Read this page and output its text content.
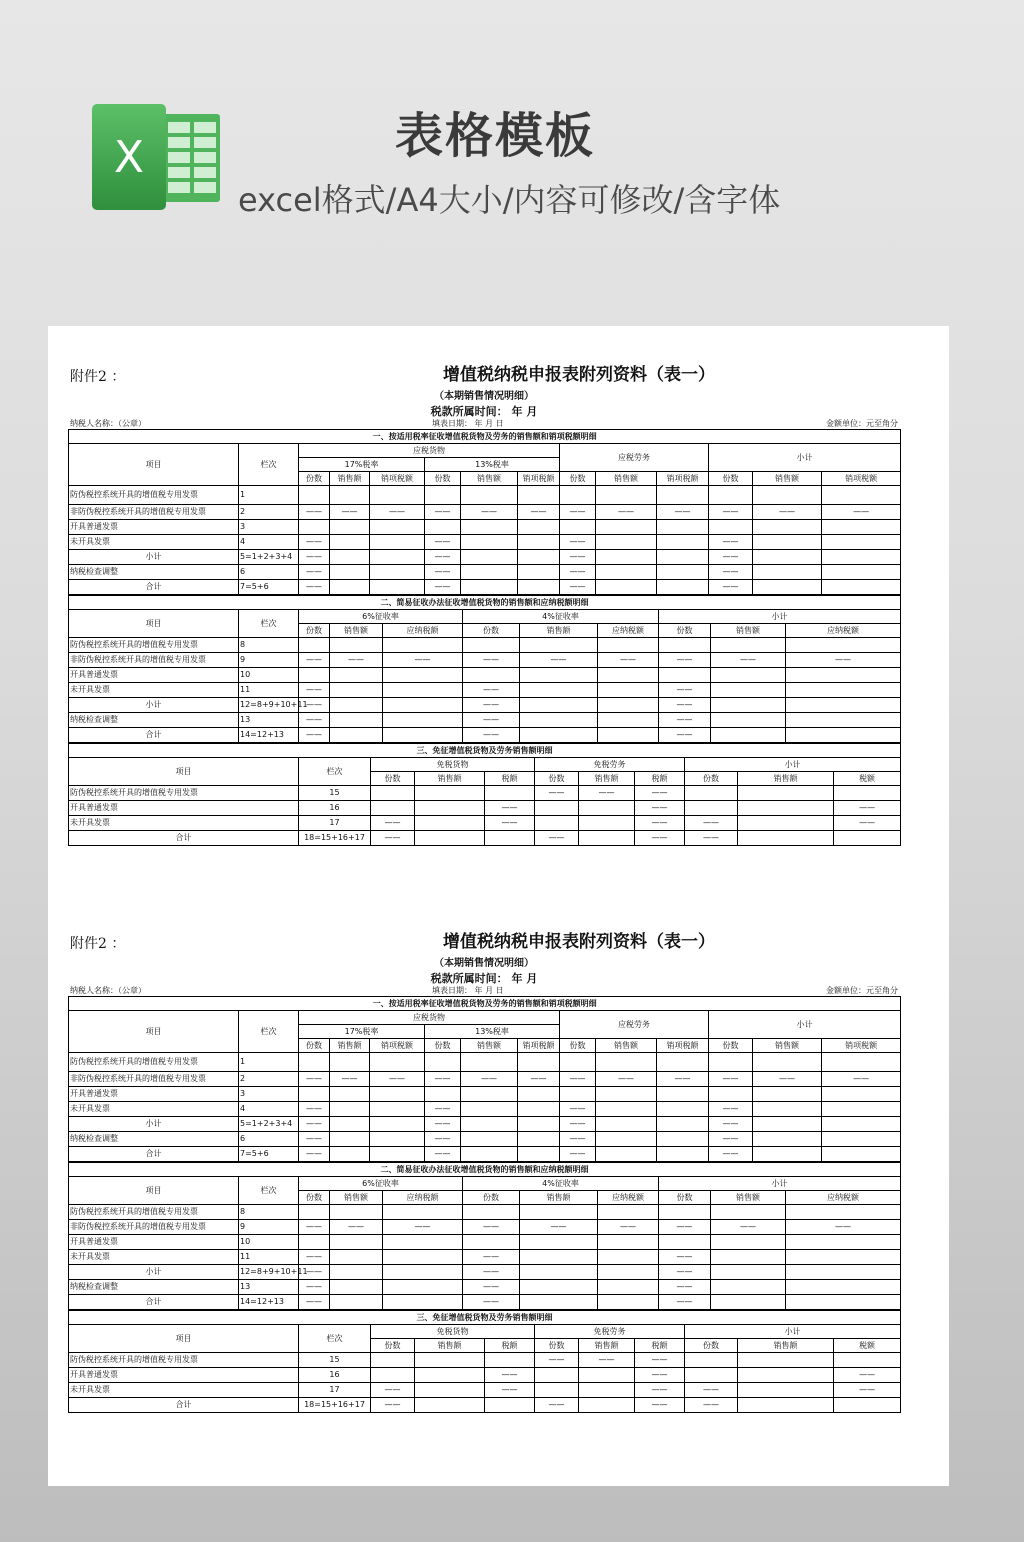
X	表格模板
excel格式/A4大小/内容可修改/含字体
附件2 ：	增值税纳税申报表附列资料（表一）
（本期销售情况明细）
税款所属时间： 年 月
纳税人名称：（公章）	填表日期： 年 月 日	金额单位：元至角分
一、按适用税率征收增值税货物及劳务的销售额和销项税额明细													
项目	栏次	应税货物						应税劳务			小计		
		17%税率			13%税率								
		份数	销售额	销项税额	份数	销售额	销项税额	份数	销售额	销项税额	份数	销售额	销项税额
防伪税控系统开具的增值税专用发票	1												
非防伪税控系统开具的增值税专用发票	2	——	——	——	——	——	——	——	——	——	——	——	——
开具普通发票	3												
未开具发票	4	——			——			——			——		
小计	5=1+2+3+4	——			——			——			——		
纳税检查调整	6	——			——			——			——		
合计	7=5+6	——			——			——			——		
二、简易征收办法征收增值税货物的销售额和应纳税额明细										
项目	栏次	6%征收率			4%征收率			小计		
		份数	销售额	应纳税额	份数	销售额	应纳税额	份数	销售额	应纳税额
防伪税控系统开具的增值税专用发票	8									
非防伪税控系统开具的增值税专用发票	9	——	——	——	——	——	——	——	——	——
开具普通发票	10									
未开具发票	11	——			——			——		
小计	12=8+9+10+11	——			——			——		
纳税检查调整	13	——			——			——		
合计	14=12+13	——			——			——		
三、免征增值税货物及劳务销售额明细										
项目	栏次	免税货物			免税劳务			小计		
		份数	销售额	税额	份数	销售额	税额	份数	销售额	税额
防伪税控系统开具的增值税专用发票	15				——	——	——			
开具普通发票	16			——			——			——
未开具发票	17	——		——			——	——		——
合计	18=15+16+17	——			——		——	——		
附件2 ：	增值税纳税申报表附列资料（表一）
（本期销售情况明细）
税款所属时间： 年 月
纳税人名称：（公章）	填表日期： 年 月 日	金额单位：元至角分
一、按适用税率征收增值税货物及劳务的销售额和销项税额明细													
项目	栏次	应税货物						应税劳务			小计		
		17%税率			13%税率								
		份数	销售额	销项税额	份数	销售额	销项税额	份数	销售额	销项税额	份数	销售额	销项税额
防伪税控系统开具的增值税专用发票	1												
非防伪税控系统开具的增值税专用发票	2	——	——	——	——	——	——	——	——	——	——	——	——
开具普通发票	3												
未开具发票	4	——			——			——			——		
小计	5=1+2+3+4	——			——			——			——		
纳税检查调整	6	——			——			——			——		
合计	7=5+6	——			——			——			——		
二、简易征收办法征收增值税货物的销售额和应纳税额明细										
项目	栏次	6%征收率			4%征收率			小计		
		份数	销售额	应纳税额	份数	销售额	应纳税额	份数	销售额	应纳税额
防伪税控系统开具的增值税专用发票	8									
非防伪税控系统开具的增值税专用发票	9	——	——	——	——	——	——	——	——	——
开具普通发票	10									
未开具发票	11	——			——			——		
小计	12=8+9+10+11	——			——			——		
纳税检查调整	13	——			——			——		
合计	14=12+13	——			——			——		
三、免征增值税货物及劳务销售额明细										
项目	栏次	免税货物			免税劳务			小计		
		份数	销售额	税额	份数	销售额	税额	份数	销售额	税额
防伪税控系统开具的增值税专用发票	15				——	——	——			
开具普通发票	16			——			——			——
未开具发票	17	——		——			——	——		——
合计	18=15+16+17	——			——		——	——		
